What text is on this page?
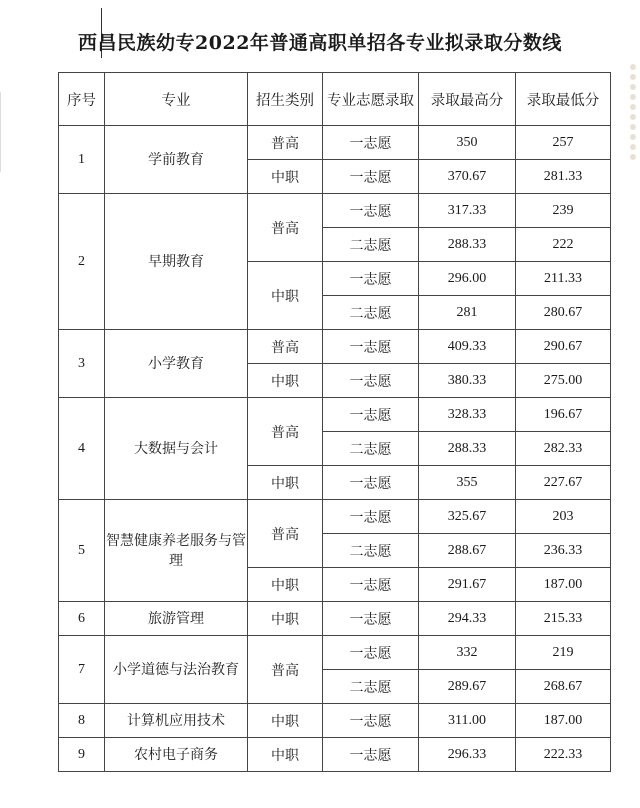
西昌民族幼专2022年普通高职单招各专业拟录取分数线
序号	专业	招生类别	专业志愿录取	录取最高分	录取最低分
1	学前教育	普高	一志愿	350	257
		中职	一志愿	370.67	281.33
2	早期教育	普高	一志愿	317.33	239
			二志愿	288.33	222
		中职	一志愿	296.00	211.33
			二志愿	281	280.67
3	小学教育	普高	一志愿	409.33	290.67
		中职	一志愿	380.33	275.00
4	大数据与会计	普高	一志愿	328.33	196.67
			二志愿	288.33	282.33
		中职	一志愿	355	227.67
5	智慧健康养老服务与管理	普高	一志愿	325.67	203
			二志愿	288.67	236.33
		中职	一志愿	291.67	187.00
6	旅游管理	中职	一志愿	294.33	215.33
7	小学道德与法治教育	普高	一志愿	332	219
			二志愿	289.67	268.67
8	计算机应用技术	中职	一志愿	311.00	187.00
9	农村电子商务	中职	一志愿	296.33	222.33
